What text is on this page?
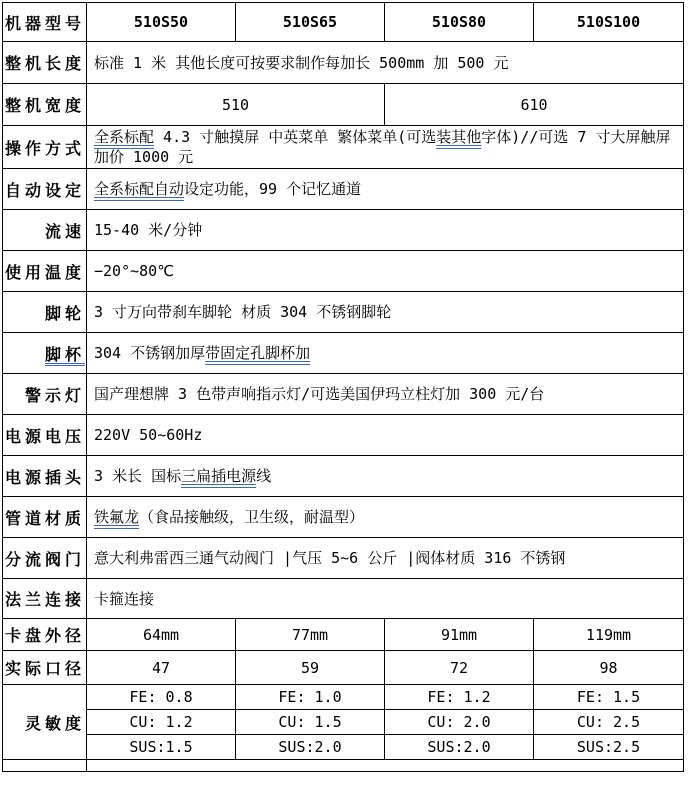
机器型号	510S50	510S65	510S80	510S100
整机长度	标准 1 米 其他长度可按要求制作每加长 500mm 加 500 元			
整机宽度	510		610	
操作方式	全系标配 4.3 寸触摸屏 中英菜单 繁体菜单(可选装其他字体)//可选 7 寸大屏触屏加价 1000 元			
自动设定	全系标配自动设定功能，99 个记忆通道			
流速	15-40 米/分钟			
使用温度	−20°~80℃			
脚轮	3 寸万向带刹车脚轮 材质 304 不锈钢脚轮			
脚杯	304 不锈钢加厚带固定孔脚杯加			
警示灯	国产理想牌 3 色带声响指示灯/可选美国伊玛立柱灯加 300 元/台			
电源电压	220V 50~60Hz			
电源插头	3 米长 国标三扁插电源线			
管道材质	铁氟龙（食品接触级，卫生级，耐温型）			
分流阀门	意大利弗雷西三通气动阀门 |气压 5~6 公斤 |阀体材质 316 不锈钢			
法兰连接	卡箍连接			
卡盘外径	64mm	77mm	91mm	119mm
实际口径	47	59	72	98
灵敏度	FE: 0.8	FE: 1.0	FE: 1.2	FE: 1.5
	CU: 1.2	CU: 1.5	CU: 2.0	CU: 2.5
	SUS:1.5	SUS:2.0	SUS:2.0	SUS:2.5
